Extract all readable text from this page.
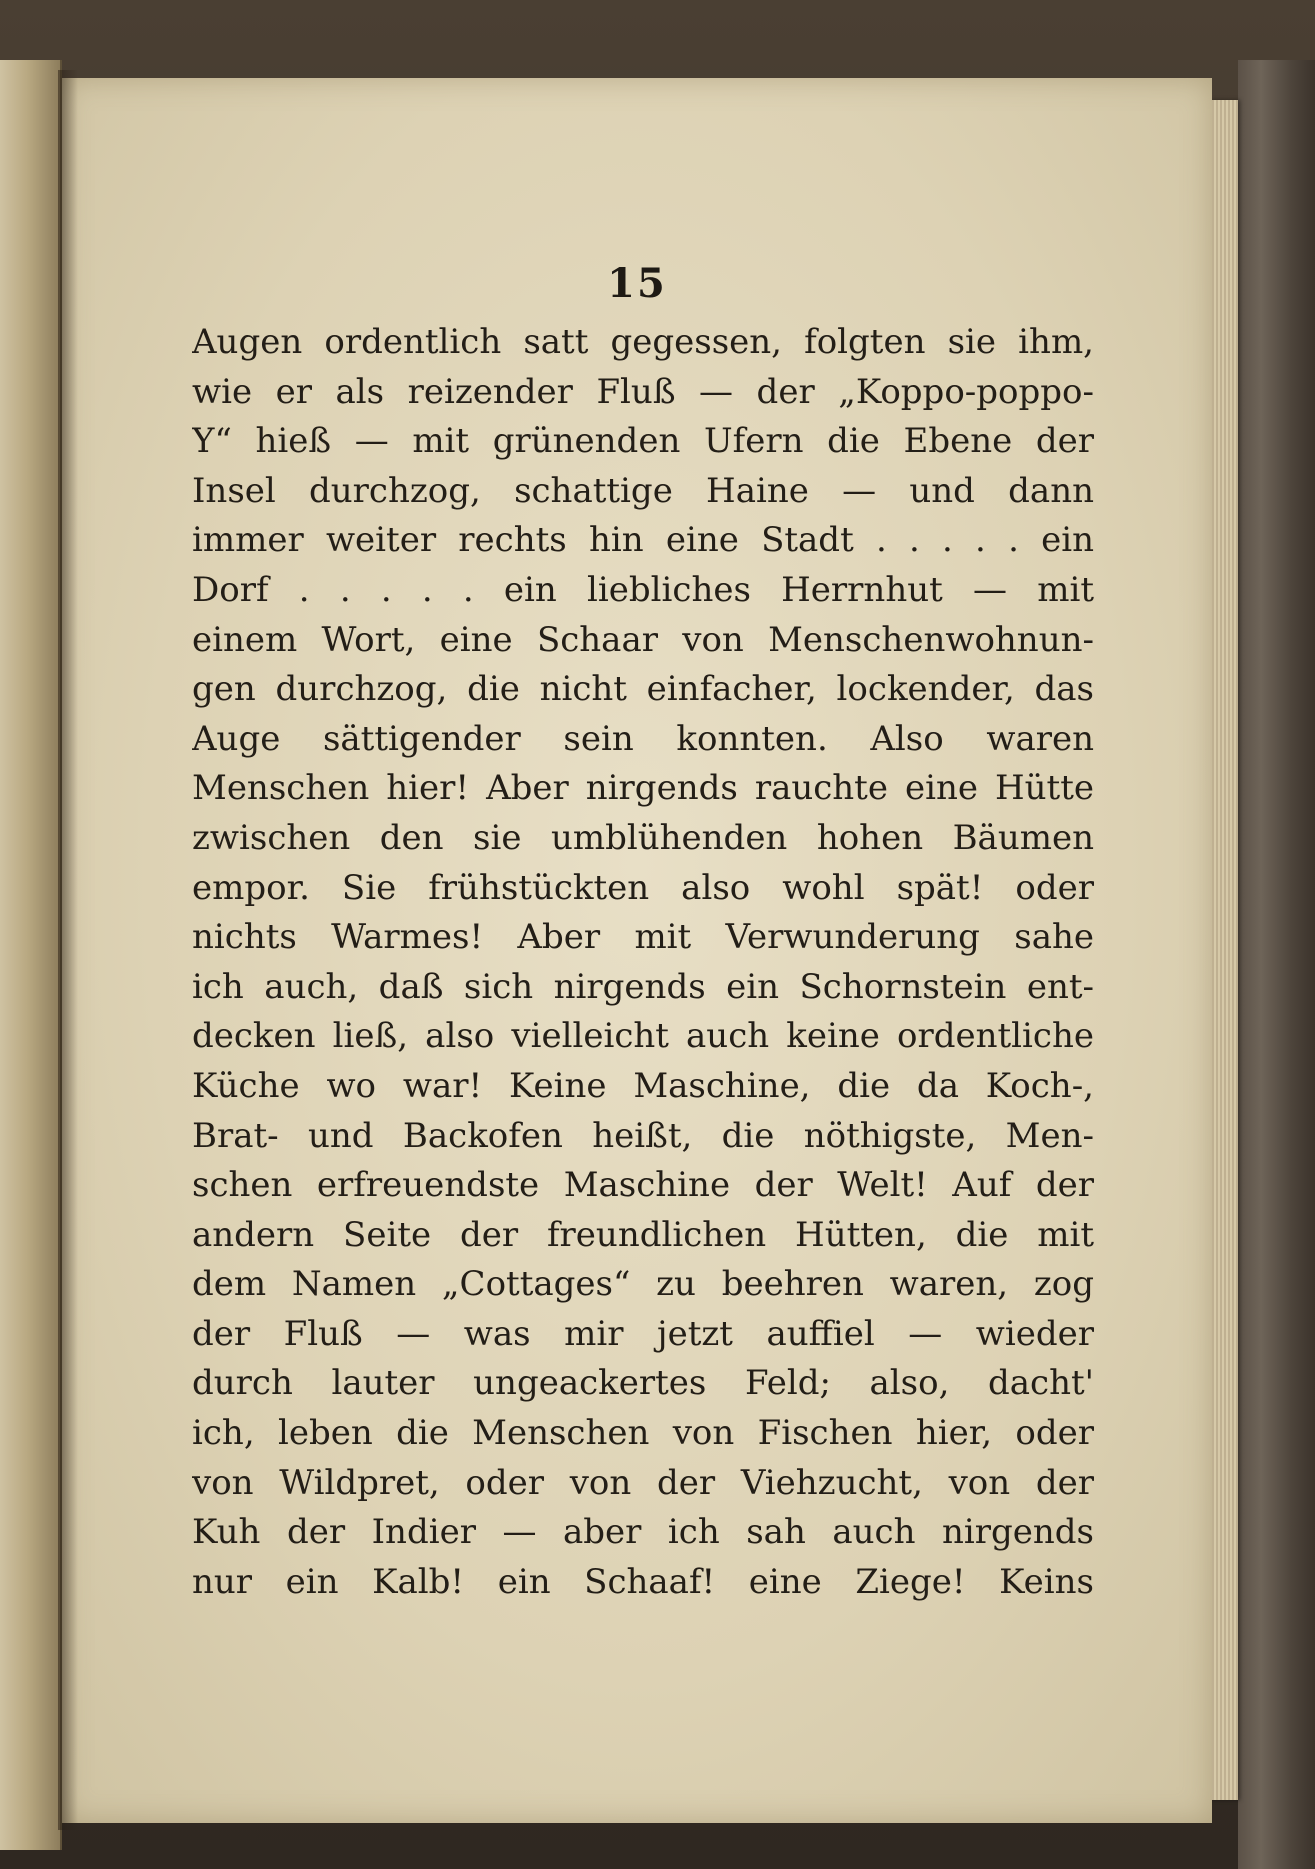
15
Augen ordentlich satt gegessen, folgten sie ihm,
wie er als reizender Fluß — der „Koppo-poppo-
Y“ hieß — mit grünenden Ufern die Ebene der
Insel durchzog, schattige Haine — und dann
immer weiter rechts hin eine Stadt . . . . . ein
Dorf . . . . . ein liebliches Herrnhut — mit
einem Wort, eine Schaar von Menschenwohnun-
gen durchzog, die nicht einfacher, lockender, das
Auge sättigender sein konnten. Also waren
Menschen hier! Aber nirgends rauchte eine Hütte
zwischen den sie umblühenden hohen Bäumen
empor. Sie frühstückten also wohl spät! oder
nichts Warmes! Aber mit Verwunderung sahe
ich auch, daß sich nirgends ein Schornstein ent-
decken ließ, also vielleicht auch keine ordentliche
Küche wo war! Keine Maschine, die da Koch-,
Brat- und Backofen heißt, die nöthigste, Men-
schen erfreuendste Maschine der Welt! Auf der
andern Seite der freundlichen Hütten, die mit
dem Namen „Cottages“ zu beehren waren, zog
der Fluß — was mir jetzt auffiel — wieder
durch lauter ungeackertes Feld; also, dacht'
ich, leben die Menschen von Fischen hier, oder
von Wildpret, oder von der Viehzucht, von der
Kuh der Indier — aber ich sah auch nirgends
nur ein Kalb! ein Schaaf! eine Ziege! Keins
